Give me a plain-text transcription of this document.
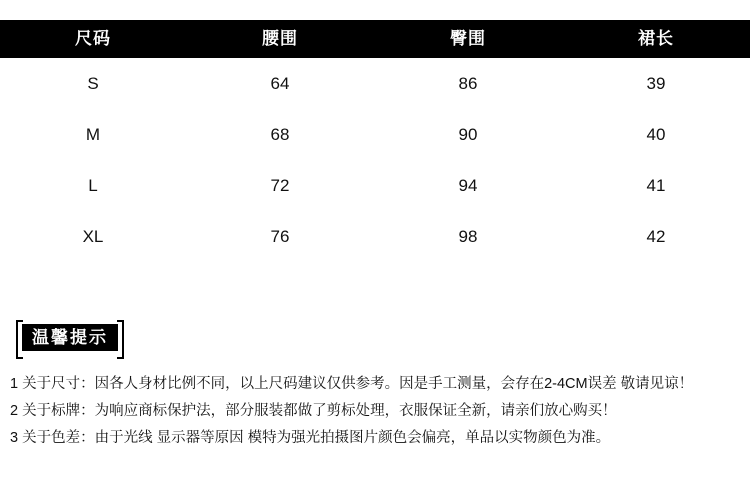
尺码	腰围	臀围	裙长
S	64	86	39
M	68	90	40
L	72	94	41
XL	76	98	42
温馨提示
1 关于尺寸：因各人身材比例不同，以上尺码建议仅供参考。因是手工测量，会存在2-4CM误差 敬请见谅！
2 关于标牌：为响应商标保护法，部分服装都做了剪标处理，衣服保证全新，请亲们放心购买！
3 关于色差：由于光线 显示器等原因 模特为强光拍摄图片颜色会偏亮，单品以实物颜色为准。
